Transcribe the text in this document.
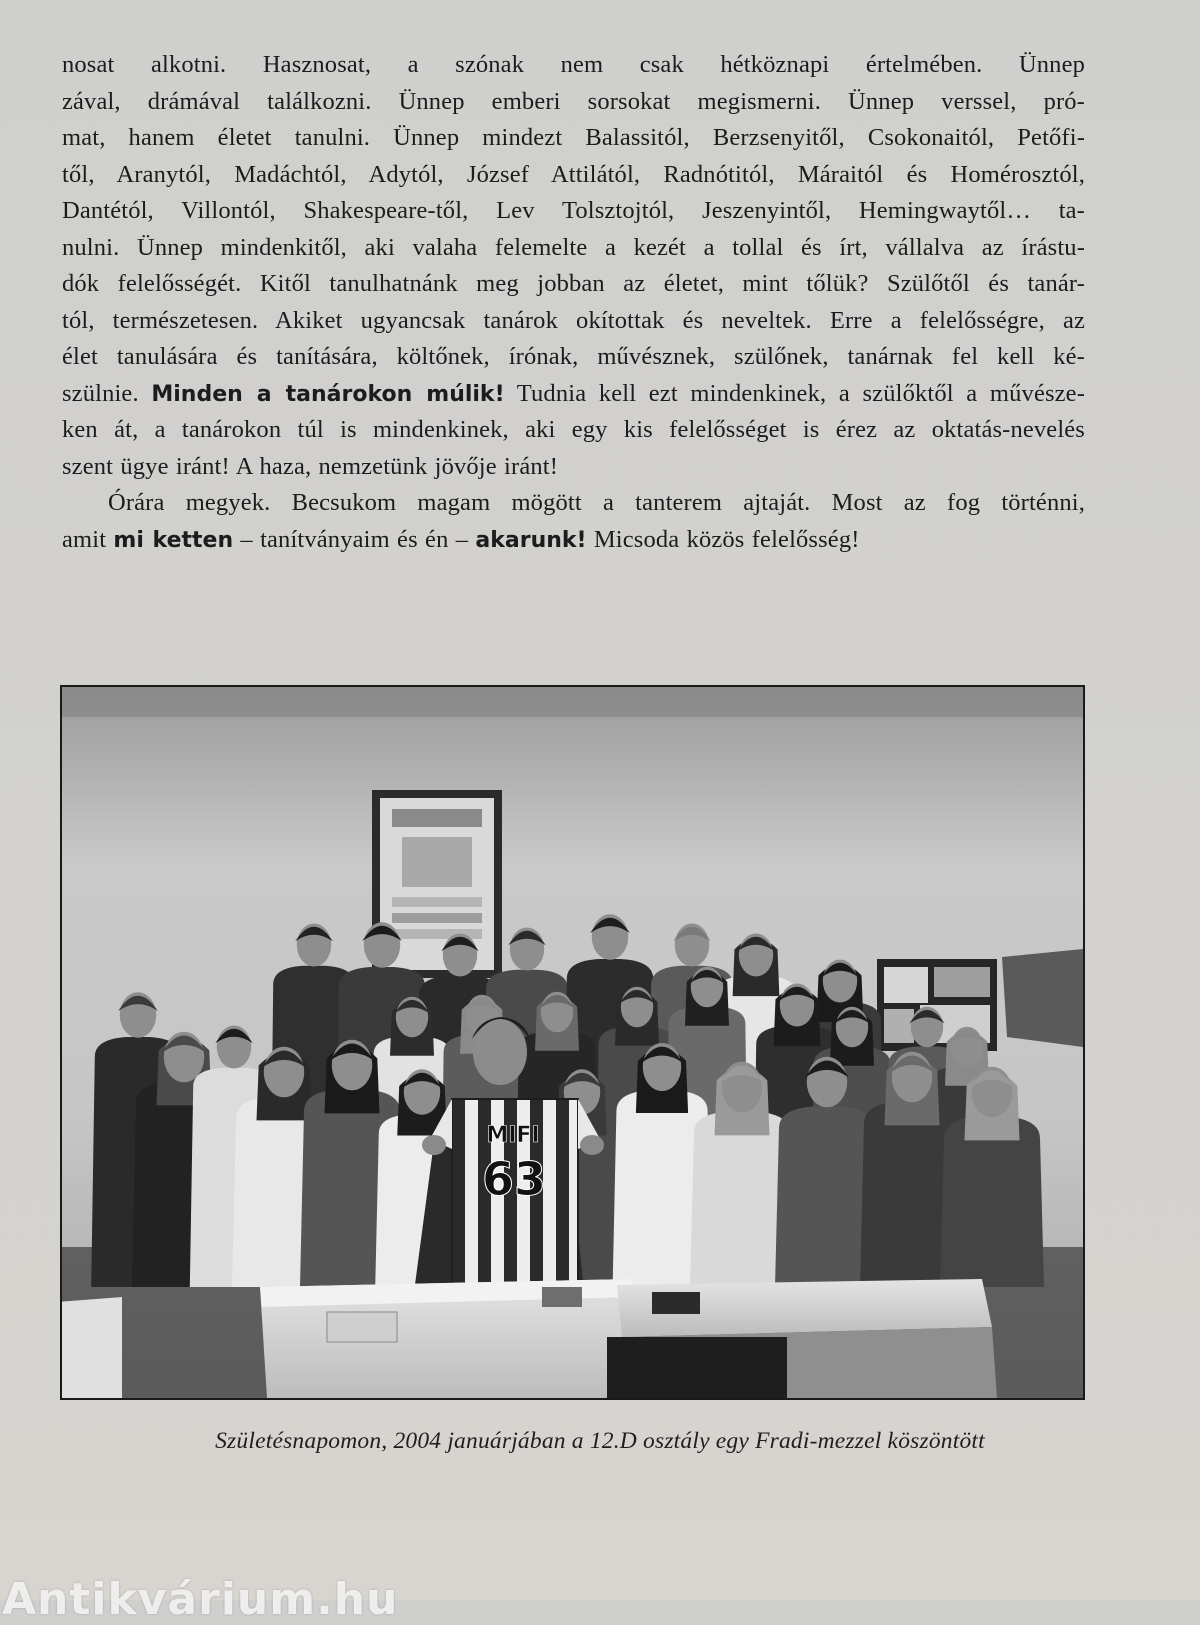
nosat alkotni. Hasznosat, a szónak nem csak hétköznapi értelmében. Ünnep
zával, drámával találkozni. Ünnep emberi sorsokat megismerni. Ünnep verssel, pró-
mat, hanem életet tanulni. Ünnep mindezt Balassitól, Berzsenyitől, Csokonaitól, Petőfi-
től, Aranytól, Madáchtól, Adytól, József Attilától, Radnótitól, Máraitól és Homérosztól,
Dantétól, Villontól, Shakespeare-től, Lev Tolsztojtól, Jeszenyintől, Hemingwaytől… ta-
nulni. Ünnep mindenkitől, aki valaha felemelte a kezét a tollal és írt, vállalva az írástu-
dók felelősségét. Kitől tanulhatnánk meg jobban az életet, mint tőlük? Szülőtől és tanár-
tól, természetesen. Akiket ugyancsak tanárok okítottak és neveltek. Erre a felelősségre, az
élet tanulására és tanítására, költőnek, írónak, művésznek, szülőnek, tanárnak fel kell ké-
szülnie. Minden a tanárokon múlik! Tudnia kell ezt mindenkinek, a szülőktől a művésze-
ken át, a tanárokon túl is mindenkinek, aki egy kis felelősséget is érez az oktatás-nevelés
szent ügye iránt! A haza, nemzetünk jövője iránt!
Órára megyek. Becsukom magam mögött a tanterem ajtaját. Most az fog történni,
amit mi ketten – tanítványaim és én – akarunk! Micsoda közös felelősség!
MIFI
63
Születésnapomon, 2004 januárjában a 12.D osztály egy Fradi-mezzel köszöntött
Antikvárium.hu
